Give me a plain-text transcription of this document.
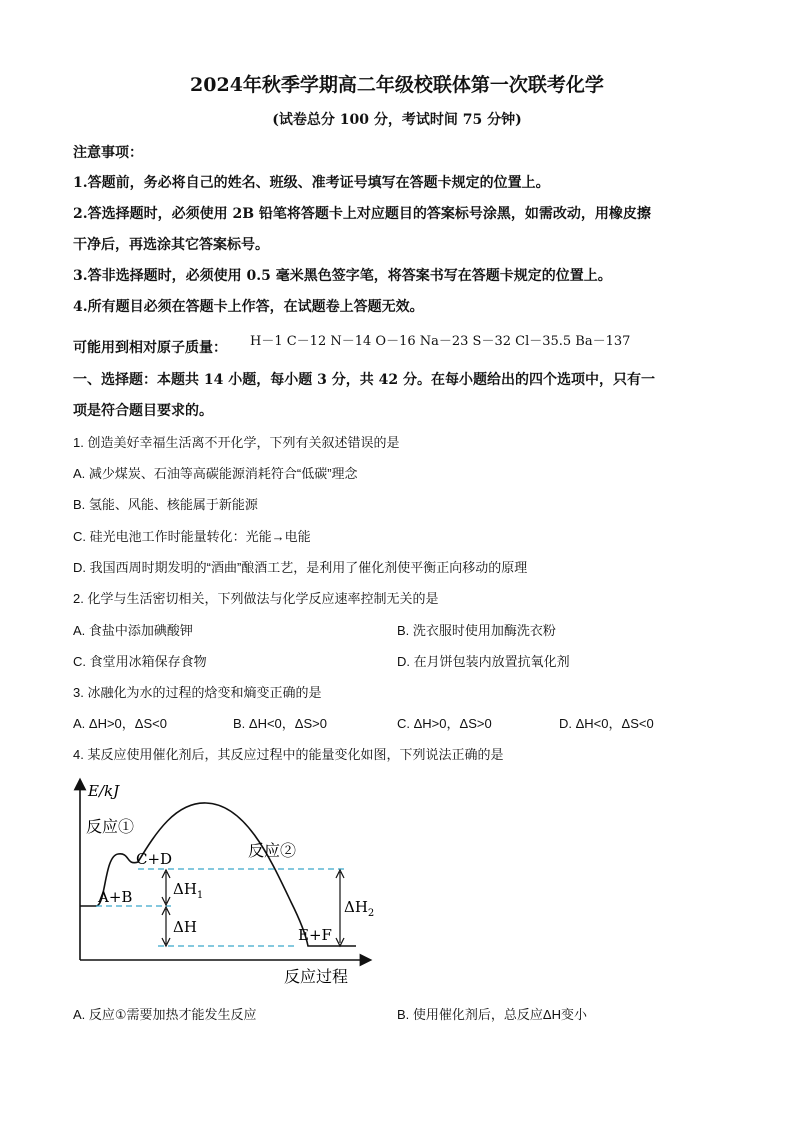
2024年秋季学期高二年级校联体第一次联考化学
(试卷总分 100 分，考试时间 75 分钟)
注意事项：
1.答题前，务必将自己的姓名、班级、准考证号填写在答题卡规定的位置上。
2.答选择题时，必须使用 2B 铅笔将答题卡上对应题目的答案标号涂黑，如需改动，用橡皮擦
干净后，再选涂其它答案标号。
3.答非选择题时，必须使用 0.5 毫米黑色签字笔，将答案书写在答题卡规定的位置上。
4.所有题目必须在答题卡上作答，在试题卷上答题无效。
可能用到相对原子质量： H－1 C－12 N－14 O－16 Na－23 S－32 Cl－35.5 Ba－137
一、选择题：本题共 14 小题，每小题 3 分，共 42 分。在每小题给出的四个选项中，只有一
项是符合题目要求的。
1. 创造美好幸福生活离不开化学，下列有关叙述错误的是
A. 减少煤炭、石油等高碳能源消耗符合“低碳”理念
B. 氢能、风能、核能属于新能源
C. 硅光电池工作时能量转化：光能→电能
D. 我国西周时期发明的“酒曲”酿酒工艺，是利用了催化剂使平衡正向移动的原理
2. 化学与生活密切相关，下列做法与化学反应速率控制无关的是
A. 食盐中添加碘酸钾	B. 洗衣服时使用加酶洗衣粉
C. 食堂用冰箱保存食物	D. 在月饼包装内放置抗氧化剂
3. 冰融化为水的过程的焓变和熵变正确的是
A. ΔH>0，ΔS<0	B. ΔH<0，ΔS>0	C. ΔH>0，ΔS>0	D. ΔH<0，ΔS<0
4. 某反应使用催化剂后，其反应过程中的能量变化如图，下列说法正确的是
E/kJ
反应过程
反应①
反应②
C+D
A+B
E+F
$\Delta H_1$
ΔH
$\Delta H_2$
A. 反应①需要加热才能发生反应	B. 使用催化剂后，总反应ΔH变小
